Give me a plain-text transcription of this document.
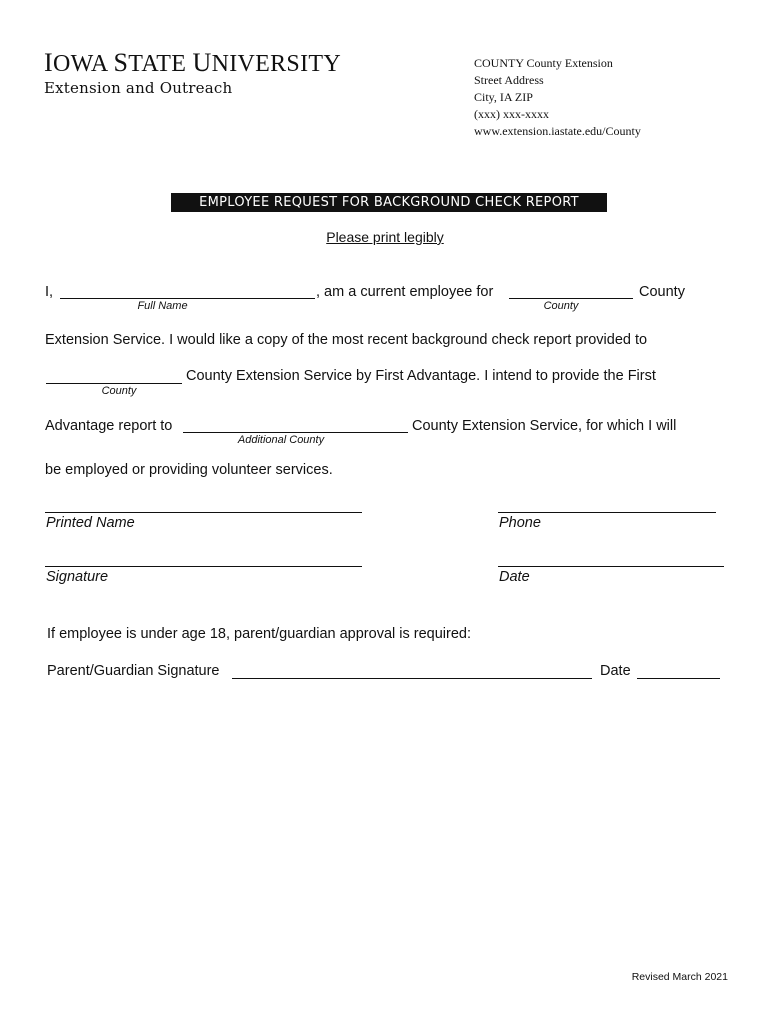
IOWA STATE UNIVERSITY
Extension and Outreach
COUNTY County Extension
Street Address
City, IA ZIP
(xxx) xxx-xxxx
www.extension.iastate.edu/County
EMPLOYEE REQUEST FOR BACKGROUND CHECK REPORT
Please print legibly
I,
Full Name
, am a current employee for
County
County
Extension Service. I would like a copy of the most recent background check report provided to
County
County Extension Service by First Advantage. I intend to provide the First
Advantage report to
Additional County
County Extension Service, for which I will
be employed or providing volunteer services.
Printed Name	Phone
Signature	Date
If employee is under age 18, parent/guardian approval is required:
Parent/Guardian Signature	Date
Revised March 2021
